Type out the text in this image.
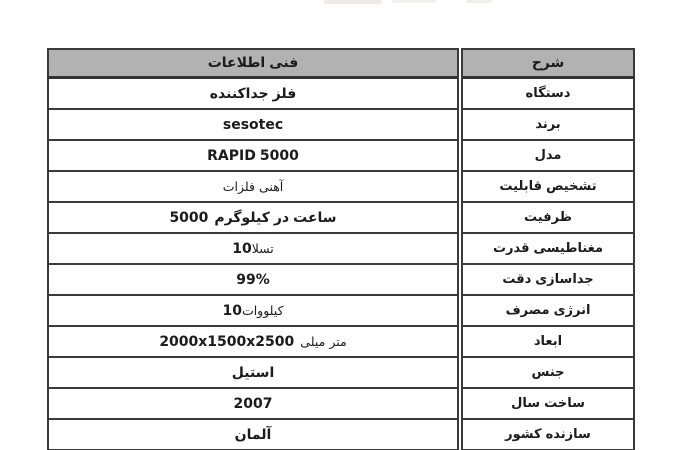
اطلاعات فنی	شرح
جداکننده فلز	دستگاه
sesotec	برند
RAPID 5000	مدل
فلزات آهنی	قابلیت تشخیص
5000 کیلوگرم در ساعت	ظرفیت
10تسلا	قدرت مغناطیسی
99%	دقت جداسازی
10کیلووات	مصرف انرژی
2000x1500x2500 میلی متر	ابعاد
استیل	جنس
2007	سال ساخت
آلمان	کشور سازنده
